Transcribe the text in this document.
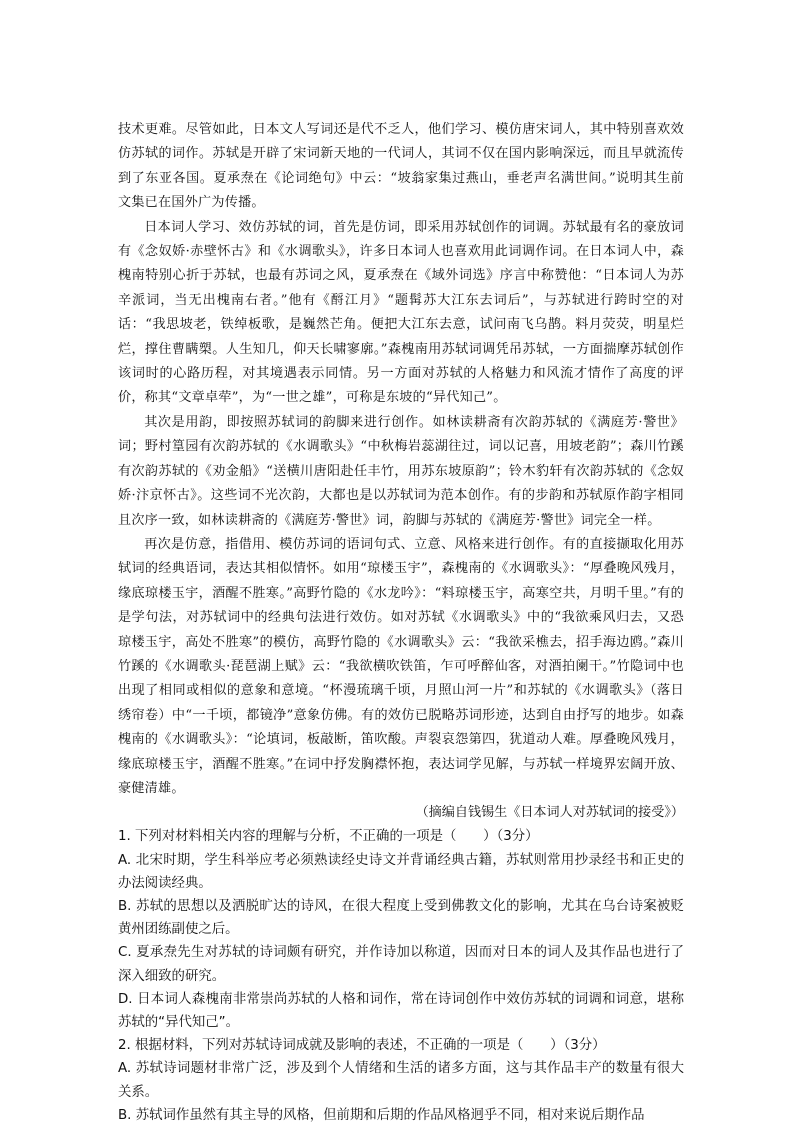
技术更难。尽管如此，日本文人写词还是代不乏人，他们学习、模仿唐宋词人，其中特别喜欢效仿苏轼的词作。苏轼是开辟了宋词新天地的一代词人，其词不仅在国内影响深远，而且早就流传到了东亚各国。夏承焘在《论词绝句》中云：“坡翁家集过燕山，垂老声名满世间。”说明其生前文集已在国外广为传播。

日本词人学习、效仿苏轼的词，首先是仿词，即采用苏轼创作的词调。苏轼最有名的豪放词有《念奴娇·赤壁怀古》和《水调歌头》，许多日本词人也喜欢用此词调作词。在日本词人中，森槐南特别心折于苏轼，也最有苏词之风，夏承焘在《域外词选》序言中称赞他：“日本词人为苏辛派词，当无出槐南右者。”他有《酹江月》“题髯苏大江东去词后”，与苏轼进行跨时空的对话：“我思坡老，铁绰板歌，是巍然芒角。便把大江东去意，试问南飞乌鹊。料月荧荧，明星烂烂，撑住曹瞒槊。人生知几，仰天长啸寥廓。”森槐南用苏轼词调凭吊苏轼，一方面揣摩苏轼创作该词时的心路历程，对其境遇表示同情。另一方面对苏轼的人格魅力和风流才情作了高度的评价，称其“文章卓荦”，为“一世之雄”，可称是东坡的“异代知己”。

其次是用韵，即按照苏轼词的韵脚来进行创作。如林读耕斋有次韵苏轼的《满庭芳·警世》词；野村篁园有次韵苏轼的《水调歌头》“中秋梅岩蕊湖往过，词以记喜，用坡老韵”；森川竹蹊有次韵苏轼的《劝金船》“送横川唐阳赴任丰竹，用苏东坡原韵”；铃木豹轩有次韵苏轼的《念奴娇·汴京怀古》。这些词不光次韵，大都也是以苏轼词为范本创作。有的步韵和苏轼原作韵字相同且次序一致，如林读耕斋的《满庭芳·警世》词，韵脚与苏轼的《满庭芳·警世》词完全一样。

再次是仿意，指借用、模仿苏词的语词句式、立意、风格来进行创作。有的直接撷取化用苏轼词的经典语词，表达其相似情怀。如用“琼楼玉宇”，森槐南的《水调歌头》：“厚叠晚风残月，缘底琼楼玉宇，酒醒不胜寒。”高野竹隐的《水龙吟》：“料琼楼玉宇，高寒空共，月明千里。”有的是学句法，对苏轼词中的经典句法进行效仿。如对苏轼《水调歌头》中的“我欲乘风归去，又恐琼楼玉宇，高处不胜寒”的模仿，高野竹隐的《水调歌头》云：“我欲采樵去，招手海边鸥。”森川竹蹊的《水调歌头·琵琶湖上赋》云：“我欲横吹铁笛，乍可呼醉仙客，对酒拍阑干。”竹隐词中也出现了相同或相似的意象和意境。“杯漫琉璃千顷，月照山河一片”和苏轼的《水调歌头》（落日绣帘卷）中“一千顷，都镜净”意象仿佛。有的效仿已脱略苏词形迹，达到自由抒写的地步。如森槐南的《水调歌头》：“论填词，板敲断，笛吹酸。声裂哀怨第四，犹道动人难。厚叠晚风残月，缘底琼楼玉宇，酒醒不胜寒。”在词中抒发胸襟怀抱，表达词学见解，与苏轼一样境界宏阔开放、豪健清雄。

（摘编自钱锡生《日本词人对苏轼词的接受》）

1. 下列对材料相关内容的理解与分析，不正确的一项是（　　）（3分）

A. 北宋时期，学生科举应考必须熟读经史诗文并背诵经典古籍，苏轼则常用抄录经书和正史的办法阅读经典。

B. 苏轼的思想以及洒脱旷达的诗风，在很大程度上受到佛教文化的影响，尤其在乌台诗案被贬黄州团练副使之后。

C. 夏承焘先生对苏轼的诗词颇有研究，并作诗加以称道，因而对日本的词人及其作品也进行了深入细致的研究。

D. 日本词人森槐南非常崇尚苏轼的人格和词作，常在诗词创作中效仿苏轼的词调和词意，堪称苏轼的“异代知己”。

2. 根据材料，下列对苏轼诗词成就及影响的表述，不正确的一项是（　　）（3分）

A. 苏轼诗词题材非常广泛，涉及到个人情绪和生活的诸多方面，这与其作品丰产的数量有很大关系。

B. 苏轼词作虽然有其主导的风格，但前期和后期的作品风格迥乎不同，相对来说后期作品
